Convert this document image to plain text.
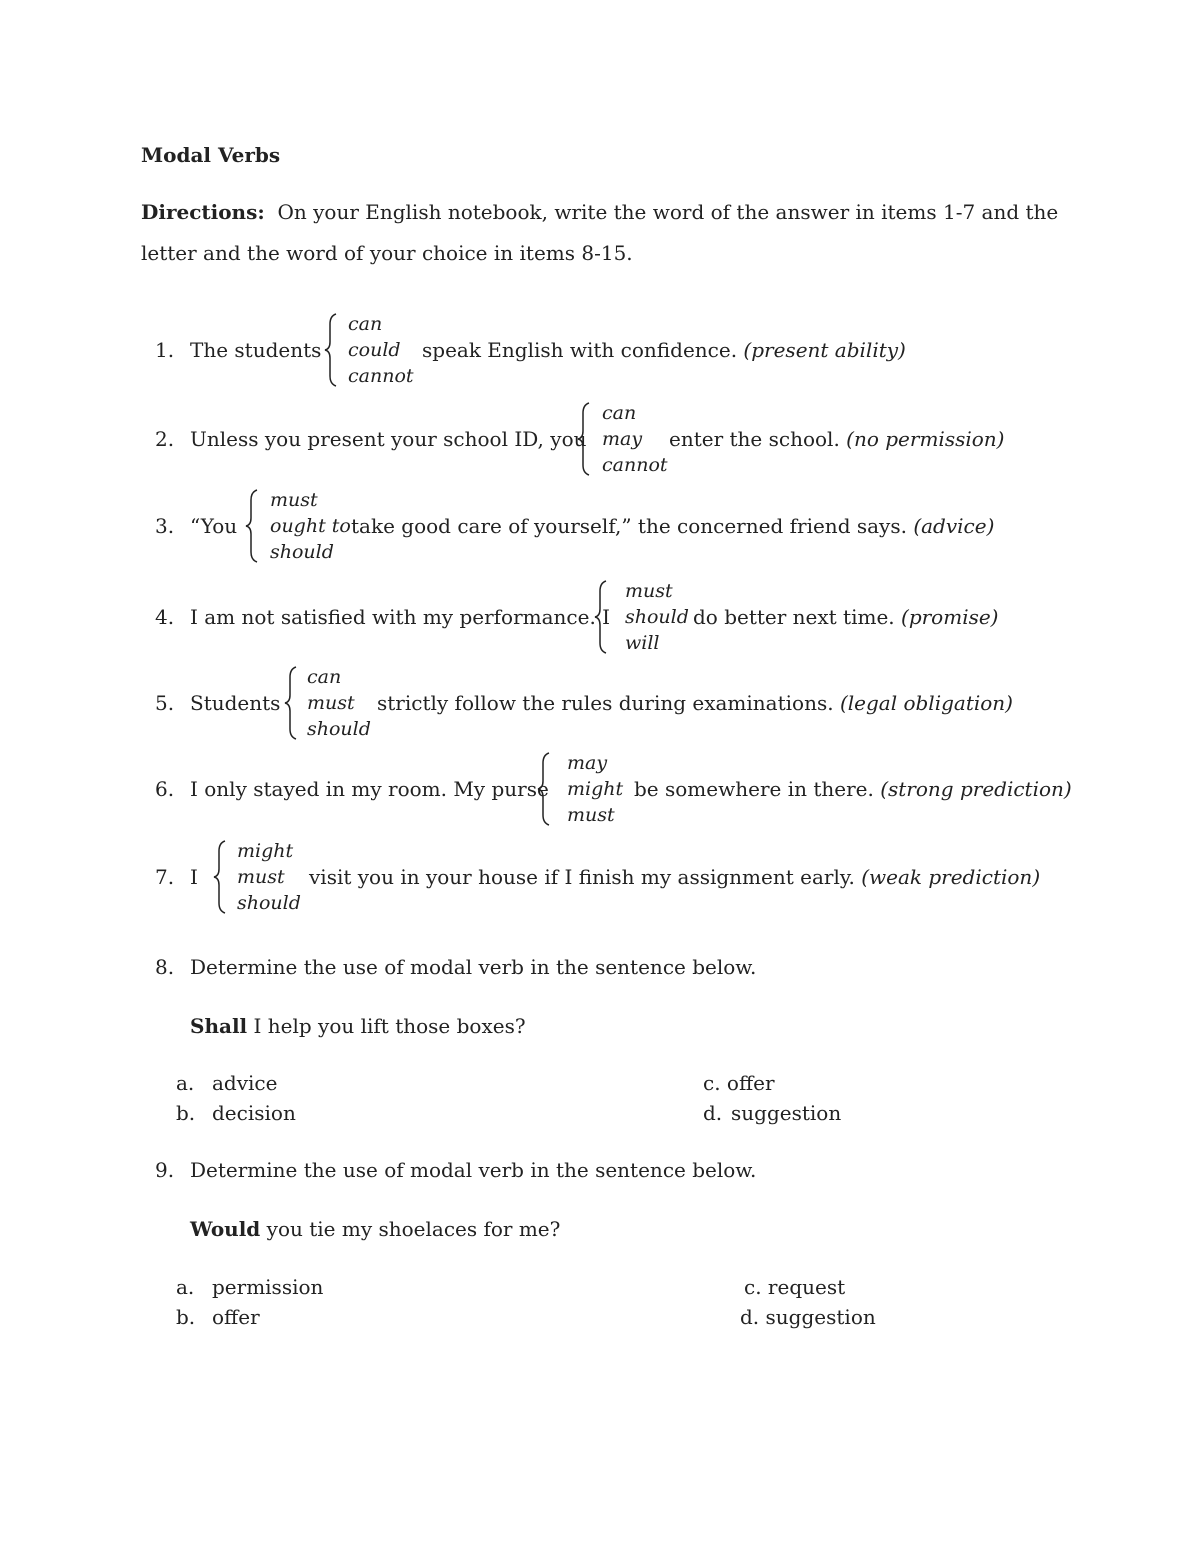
Modal Verbs
Directions: On your English notebook, write the word of the answer in items 1-7 and the letter and the word of your choice in items 8-15.
1. The students
can
could
cannot
speak English with confidence. (present ability)
2. Unless you present your school ID, you
can
may
cannot
enter the school. (no permission)
3. “You
must
ought to
should
take good care of yourself,” the concerned friend says. (advice)
4. I am not satisfied with my performance. I
must
should
will
do better next time. (promise)
5. Students
can
must
should
strictly follow the rules during examinations. (legal obligation)
6. I only stayed in my room. My purse
may
might
must
be somewhere in there. (strong prediction)
7. I
might
must
should
visit you in your house if I finish my assignment early. (weak prediction)
8. Determine the use of modal verb in the sentence below.
Shall I help you lift those boxes?
a. advice
b. decision
c. offer
d. suggestion
9. Determine the use of modal verb in the sentence below.
Would you tie my shoelaces for me?
a. permission
b. offer
c. request
d. suggestion
